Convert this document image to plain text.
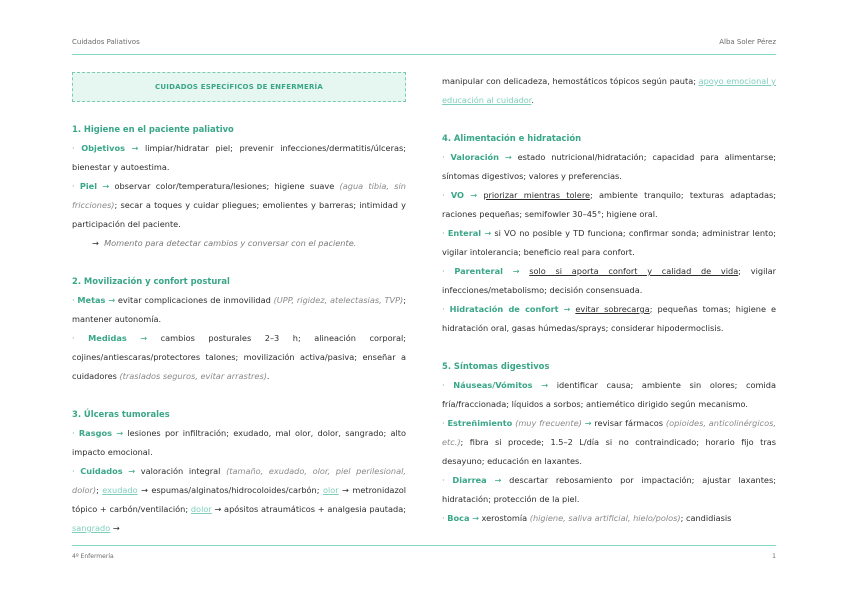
Cuidados Paliativos	Alba Soler Pérez
CUIDADOS ESPECÍFICOS DE ENFERMERÍA

1. Higiene en el paciente paliativo

· Objetivos → limpiar/hidratar piel; prevenir infecciones/dermatitis/úlceras; bienestar y autoestima.

· Piel → observar color/temperatura/lesiones; higiene suave (agua tibia, sin fricciones); secar a toques y cuidar pliegues; emolientes y barreras; intimidad y participación del paciente.

→ Momento para detectar cambios y conversar con el paciente.

2. Movilización y confort postural

· Metas → evitar complicaciones de inmovilidad (UPP, rigidez, atelectasias, TVP); mantener autonomía.

· Medidas → cambios posturales 2–3 h; alineación corporal; cojines/antiescaras/protectores talones; movilización activa/pasiva; enseñar a cuidadores (traslados seguros, evitar arrastres).

3. Úlceras tumorales

· Rasgos → lesiones por infiltración; exudado, mal olor, dolor, sangrado; alto impacto emocional.

· Cuidados → valoración integral (tamaño, exudado, olor, piel perilesional, dolor); exudado → espumas/alginatos/hidrocoloides/carbón; olor → metronidazol tópico + carbón/ventilación; dolor → apósitos atraumáticos + analgesia pautada; sangrado →

manipular con delicadeza, hemostáticos tópicos según pauta; apoyo emocional y educación al cuidador.

4. Alimentación e hidratación

· Valoración → estado nutricional/hidratación; capacidad para alimentarse; síntomas digestivos; valores y preferencias.

· VO → priorizar mientras tolere; ambiente tranquilo; texturas adaptadas; raciones pequeñas; semifowler 30–45°; higiene oral.

· Enteral → si VO no posible y TD funciona; confirmar sonda; administrar lento; vigilar intolerancia; beneficio real para confort.

· Parenteral → solo si aporta confort y calidad de vida; vigilar infecciones/metabolismo; decisión consensuada.

· Hidratación de confort → evitar sobrecarga; pequeñas tomas; higiene e hidratación oral, gasas húmedas/sprays; considerar hipodermoclisis.

5. Síntomas digestivos

· Náuseas/Vómitos → identificar causa; ambiente sin olores; comida fría/fraccionada; líquidos a sorbos; antiemético dirigido según mecanismo.

· Estreñimiento (muy frecuente) → revisar fármacos (opioides, anticolinérgicos, etc.); fibra si procede; 1.5–2 L/día si no contraindicado; horario fijo tras desayuno; educación en laxantes.

· Diarrea → descartar rebosamiento por impactación; ajustar laxantes; hidratación; protección de la piel.

· Boca → xerostomía (higiene, saliva artificial, hielo/polos); candidiasis

4º Enfermería	1
